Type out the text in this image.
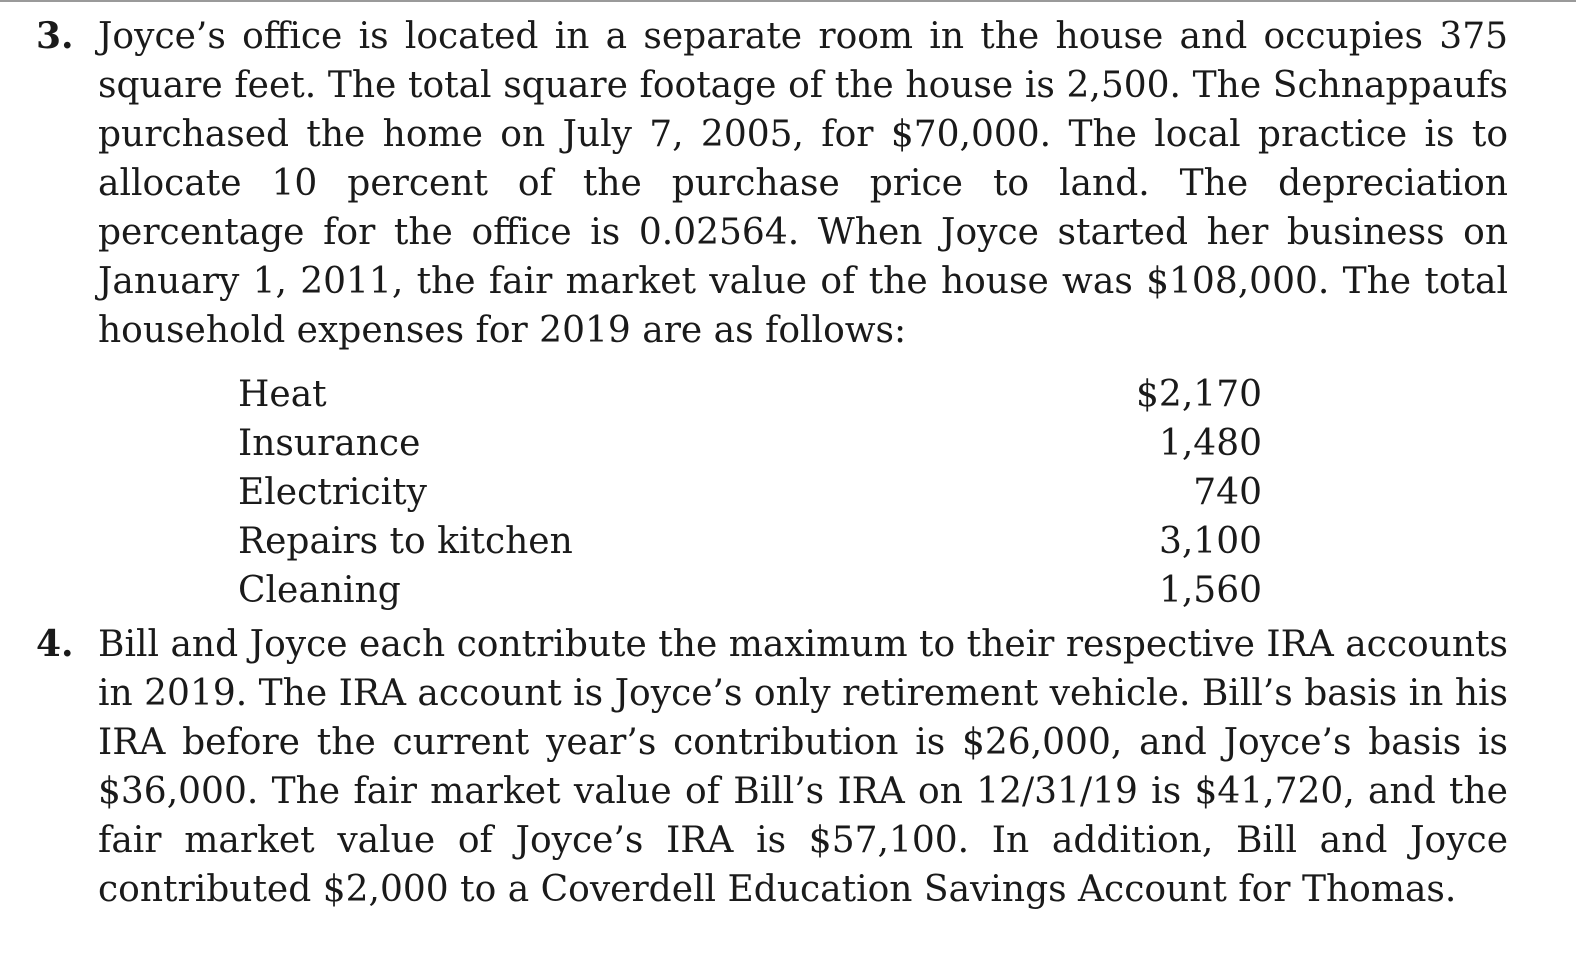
3. Joyce’s office is located in a separate room in the house and occupies 375 square feet. The total square footage of the house is 2,500. The Schnappaufs purchased the home on July 7, 2005, for $70,000. The local practice is to allocate 10 percent of the purchase price to land. The depreciation percentage for the office is 0.02564. When Joyce started her business on January 1, 2011, the fair market value of the house was $108,000. The total household expenses for 2019 are as follows:

Heat	$2,170
Insurance	1,480
Electricity	740
Repairs to kitchen	3,100
Cleaning	1,560
4. Bill and Joyce each contribute the maximum to their respective IRA accounts in 2019. The IRA account is Joyce’s only retirement vehicle. Bill’s basis in his IRA before the current year’s contribution is $26,000, and Joyce’s basis is $36,000. The fair market value of Bill’s IRA on 12/31/19 is $41,720, and the fair market value of Joyce’s IRA is $57,100. In addition, Bill and Joyce contributed $2,000 to a Coverdell Education Savings Account for Thomas.
